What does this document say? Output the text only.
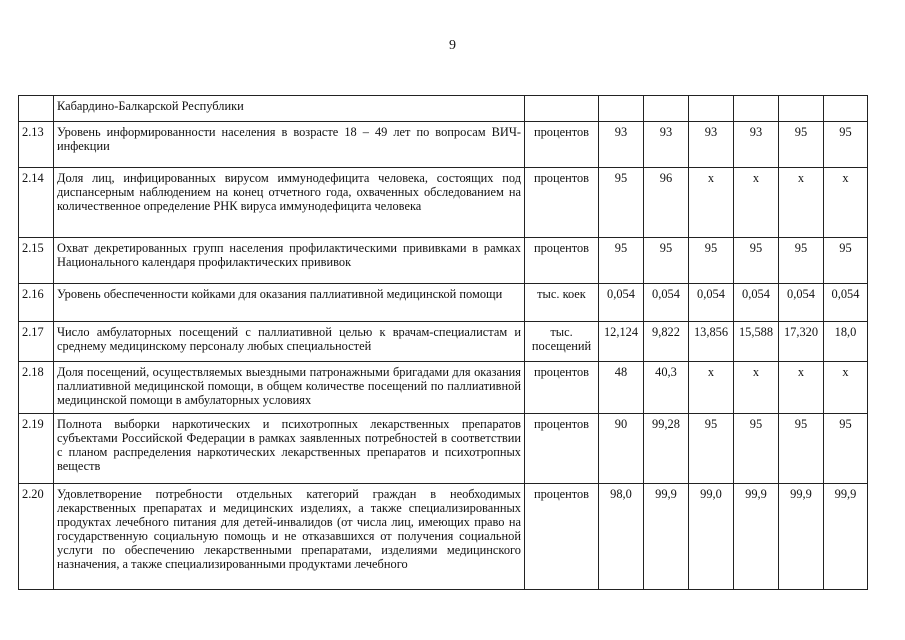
9
	Кабардино-Балкарской Республики							
2.13	Уровень информированности населения в возрасте 18 – 49 лет по вопросам ВИЧ-инфекции	процентов	93	93	93	93	95	95
2.14	Доля лиц, инфицированных вирусом иммунодефицита человека, состоящих под диспансерным наблюдением на конец отчетного года, охваченных обследованием на количественное определение РНК вируса иммунодефицита человека	процентов	95	96	х	х	х	х
2.15	Охват декретированных групп населения профилактическими прививками в рамках Национального календаря профилактических прививок	процентов	95	95	95	95	95	95
2.16	Уровень обеспеченности койками для оказания паллиативной медицинской помощи	тыс. коек	0,054	0,054	0,054	0,054	0,054	0,054
2.17	Число амбулаторных посещений с паллиативной целью к врачам-специалистам и среднему медицинскому персоналу любых специальностей	тыс. посещений	12,124	9,822	13,856	15,588	17,320	18,0
2.18	Доля посещений, осуществляемых выездными патронажными бригадами для оказания паллиативной медицинской помощи, в общем количестве посещений по паллиативной медицинской помощи в амбулаторных условиях	процентов	48	40,3	х	х	х	х
2.19	Полнота выборки наркотических и психотропных лекарственных препаратов субъектами Российской Федерации в рамках заявленных потребностей в соответствии с планом распределения наркотических лекарственных препаратов и психотропных веществ	процентов	90	99,28	95	95	95	95
2.20	Удовлетворение потребности отдельных категорий граждан в необходимых лекарственных препаратах и медицинских изделиях, а также специализированных продуктах лечебного питания для детей-инвалидов (от числа лиц, имеющих право на государственную социальную помощь и не отказавшихся от получения социальной услуги по обеспечению лекарственными препаратами, изделиями медицинского назначения, а также специализированными продуктами лечебного	процентов	98,0	99,9	99,0	99,9	99,9	99,9
